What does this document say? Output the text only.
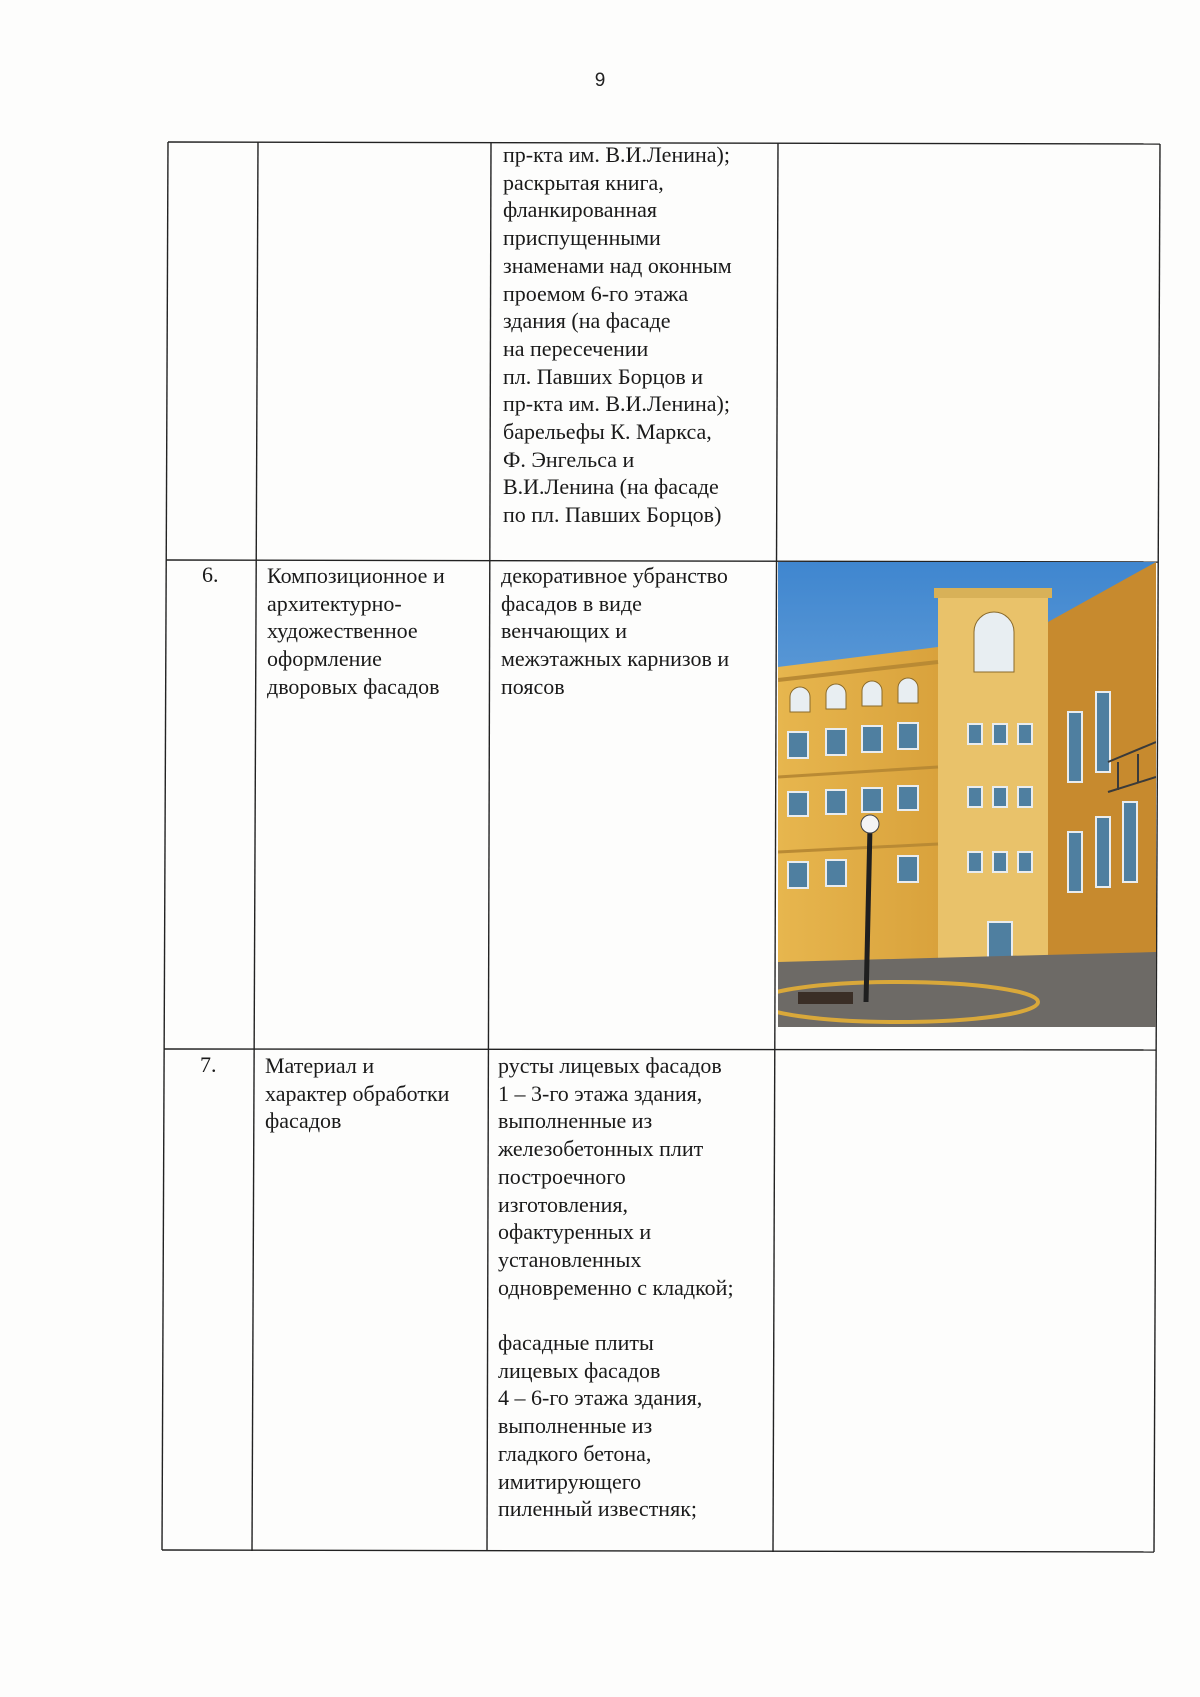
9
пр-кта им. В.И.Ленина);
раскрытая книга,
фланкированная
приспущенными
знаменами над оконным
проемом 6-го этажа
здания (на фасаде
на пересечении
пл. Павших Борцов и
пр-кта им. В.И.Ленина);
барельефы К. Маркса,
Ф. Энгельса и
В.И.Ленина (на фасаде
по пл. Павших Борцов)
6. Композиционное и
архитектурно-
художественное
оформление
дворовых фасадов
декоративное убранство
фасадов в виде
венчающих и
межэтажных карнизов и
поясов
7. Материал и
характер обработки
фасадов
русты лицевых фасадов
1 – 3-го этажа здания,
выполненные из
железобетонных плит
построечного
изготовления,
офактуренных и
установленных
одновременно с кладкой;

фасадные плиты
лицевых фасадов
4 – 6-го этажа здания,
выполненные из
гладкого бетона,
имитирующего
пиленный известняк;
